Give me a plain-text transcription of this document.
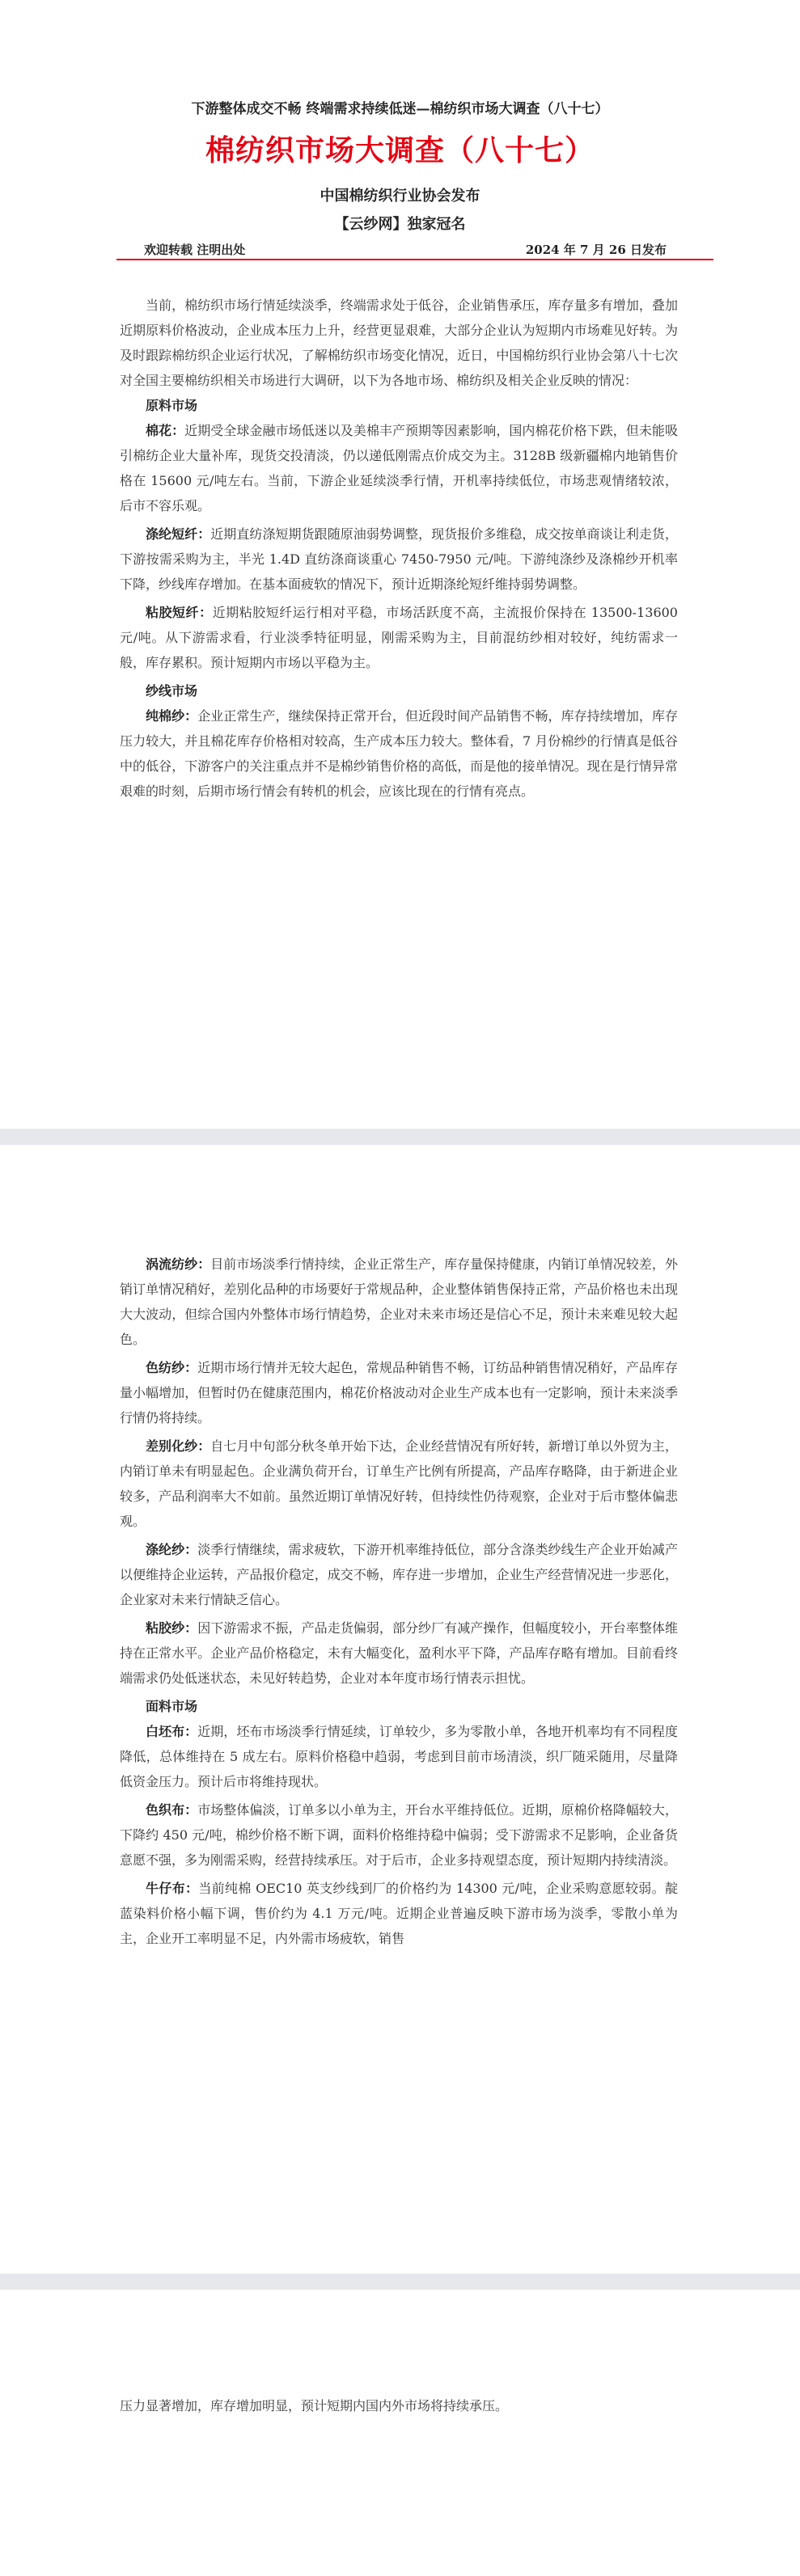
下游整体成交不畅 终端需求持续低迷—棉纺织市场大调查（八十七）
棉纺织市场大调查（八十七）
中国棉纺织行业协会发布
【云纱网】独家冠名
欢迎转载 注明出处	2024 年 7 月 26 日发布

当前，棉纺织市场行情延续淡季，终端需求处于低谷，企业销售承压，库存量多有增加，叠加近期原料价格波动，企业成本压力上升，经营更显艰难，大部分企业认为短期内市场难见好转。为及时跟踪棉纺织企业运行状况，了解棉纺织市场变化情况，近日，中国棉纺织行业协会第八十七次对全国主要棉纺织相关市场进行大调研，以下为各地市场、棉纺织及相关企业反映的情况：

原料市场

棉花：近期受全球金融市场低迷以及美棉丰产预期等因素影响，国内棉花价格下跌，但未能吸引棉纺企业大量补库，现货交投清淡，仍以递低刚需点价成交为主。3128B 级新疆棉内地销售价格在 15600 元/吨左右。当前，下游企业延续淡季行情，开机率持续低位，市场悲观情绪较浓，后市不容乐观。

涤纶短纤：近期直纺涤短期货跟随原油弱势调整，现货报价多维稳，成交按单商谈让利走货，下游按需采购为主，半光 1.4D 直纺涤商谈重心 7450-7950 元/吨。下游纯涤纱及涤棉纱开机率下降，纱线库存增加。在基本面疲软的情况下，预计近期涤纶短纤维持弱势调整。

粘胶短纤：近期粘胶短纤运行相对平稳，市场活跃度不高，主流报价保持在 13500-13600 元/吨。从下游需求看，行业淡季特征明显，刚需采购为主，目前混纺纱相对较好，纯纺需求一般，库存累积。预计短期内市场以平稳为主。

纱线市场

纯棉纱：企业正常生产，继续保持正常开台，但近段时间产品销售不畅，库存持续增加，库存压力较大，并且棉花库存价格相对较高，生产成本压力较大。整体看，7 月份棉纱的行情真是低谷中的低谷，下游客户的关注重点并不是棉纱销售价格的高低，而是他的接单情况。现在是行情异常艰难的时刻，后期市场行情会有转机的机会，应该比现在的行情有亮点。

涡流纺纱：目前市场淡季行情持续，企业正常生产，库存量保持健康，内销订单情况较差，外销订单情况稍好，差别化品种的市场要好于常规品种，企业整体销售保持正常，产品价格也未出现大大波动，但综合国内外整体市场行情趋势，企业对未来市场还是信心不足，预计未来难见较大起色。

色纺纱：近期市场行情并无较大起色，常规品种销售不畅，订纺品种销售情况稍好，产品库存量小幅增加，但暂时仍在健康范围内，棉花价格波动对企业生产成本也有一定影响，预计未来淡季行情仍将持续。

差别化纱：自七月中旬部分秋冬单开始下达，企业经营情况有所好转，新增订单以外贸为主，内销订单未有明显起色。企业满负荷开台，订单生产比例有所提高，产品库存略降，由于新进企业较多，产品利润率大不如前。虽然近期订单情况好转，但持续性仍待观察，企业对于后市整体偏悲观。

涤纶纱：淡季行情继续，需求疲软，下游开机率维持低位，部分含涤类纱线生产企业开始减产以便维持企业运转，产品报价稳定，成交不畅，库存进一步增加，企业生产经营情况进一步恶化，企业家对未来行情缺乏信心。

粘胶纱：因下游需求不振，产品走货偏弱，部分纱厂有减产操作，但幅度较小，开台率整体维持在正常水平。企业产品价格稳定，未有大幅变化，盈利水平下降，产品库存略有增加。目前看终端需求仍处低迷状态，未见好转趋势，企业对本年度市场行情表示担忧。

面料市场

白坯布：近期，坯布市场淡季行情延续，订单较少，多为零散小单，各地开机率均有不同程度降低，总体维持在 5 成左右。原料价格稳中趋弱，考虑到目前市场清淡，织厂随采随用，尽量降低资金压力。预计后市将维持现状。

色织布：市场整体偏淡，订单多以小单为主，开台水平维持低位。近期，原棉价格降幅较大，下降约 450 元/吨，棉纱价格不断下调，面料价格维持稳中偏弱；受下游需求不足影响，企业备货意愿不强，多为刚需采购，经营持续承压。对于后市，企业多持观望态度，预计短期内持续清淡。

牛仔布：当前纯棉 OEC10 英支纱线到厂的价格约为 14300 元/吨，企业采购意愿较弱。靛蓝染料价格小幅下调，售价约为 4.1 万元/吨。近期企业普遍反映下游市场为淡季，零散小单为主，企业开工率明显不足，内外需市场疲软，销售

压力显著增加，库存增加明显，预计短期内国内外市场将持续承压。
